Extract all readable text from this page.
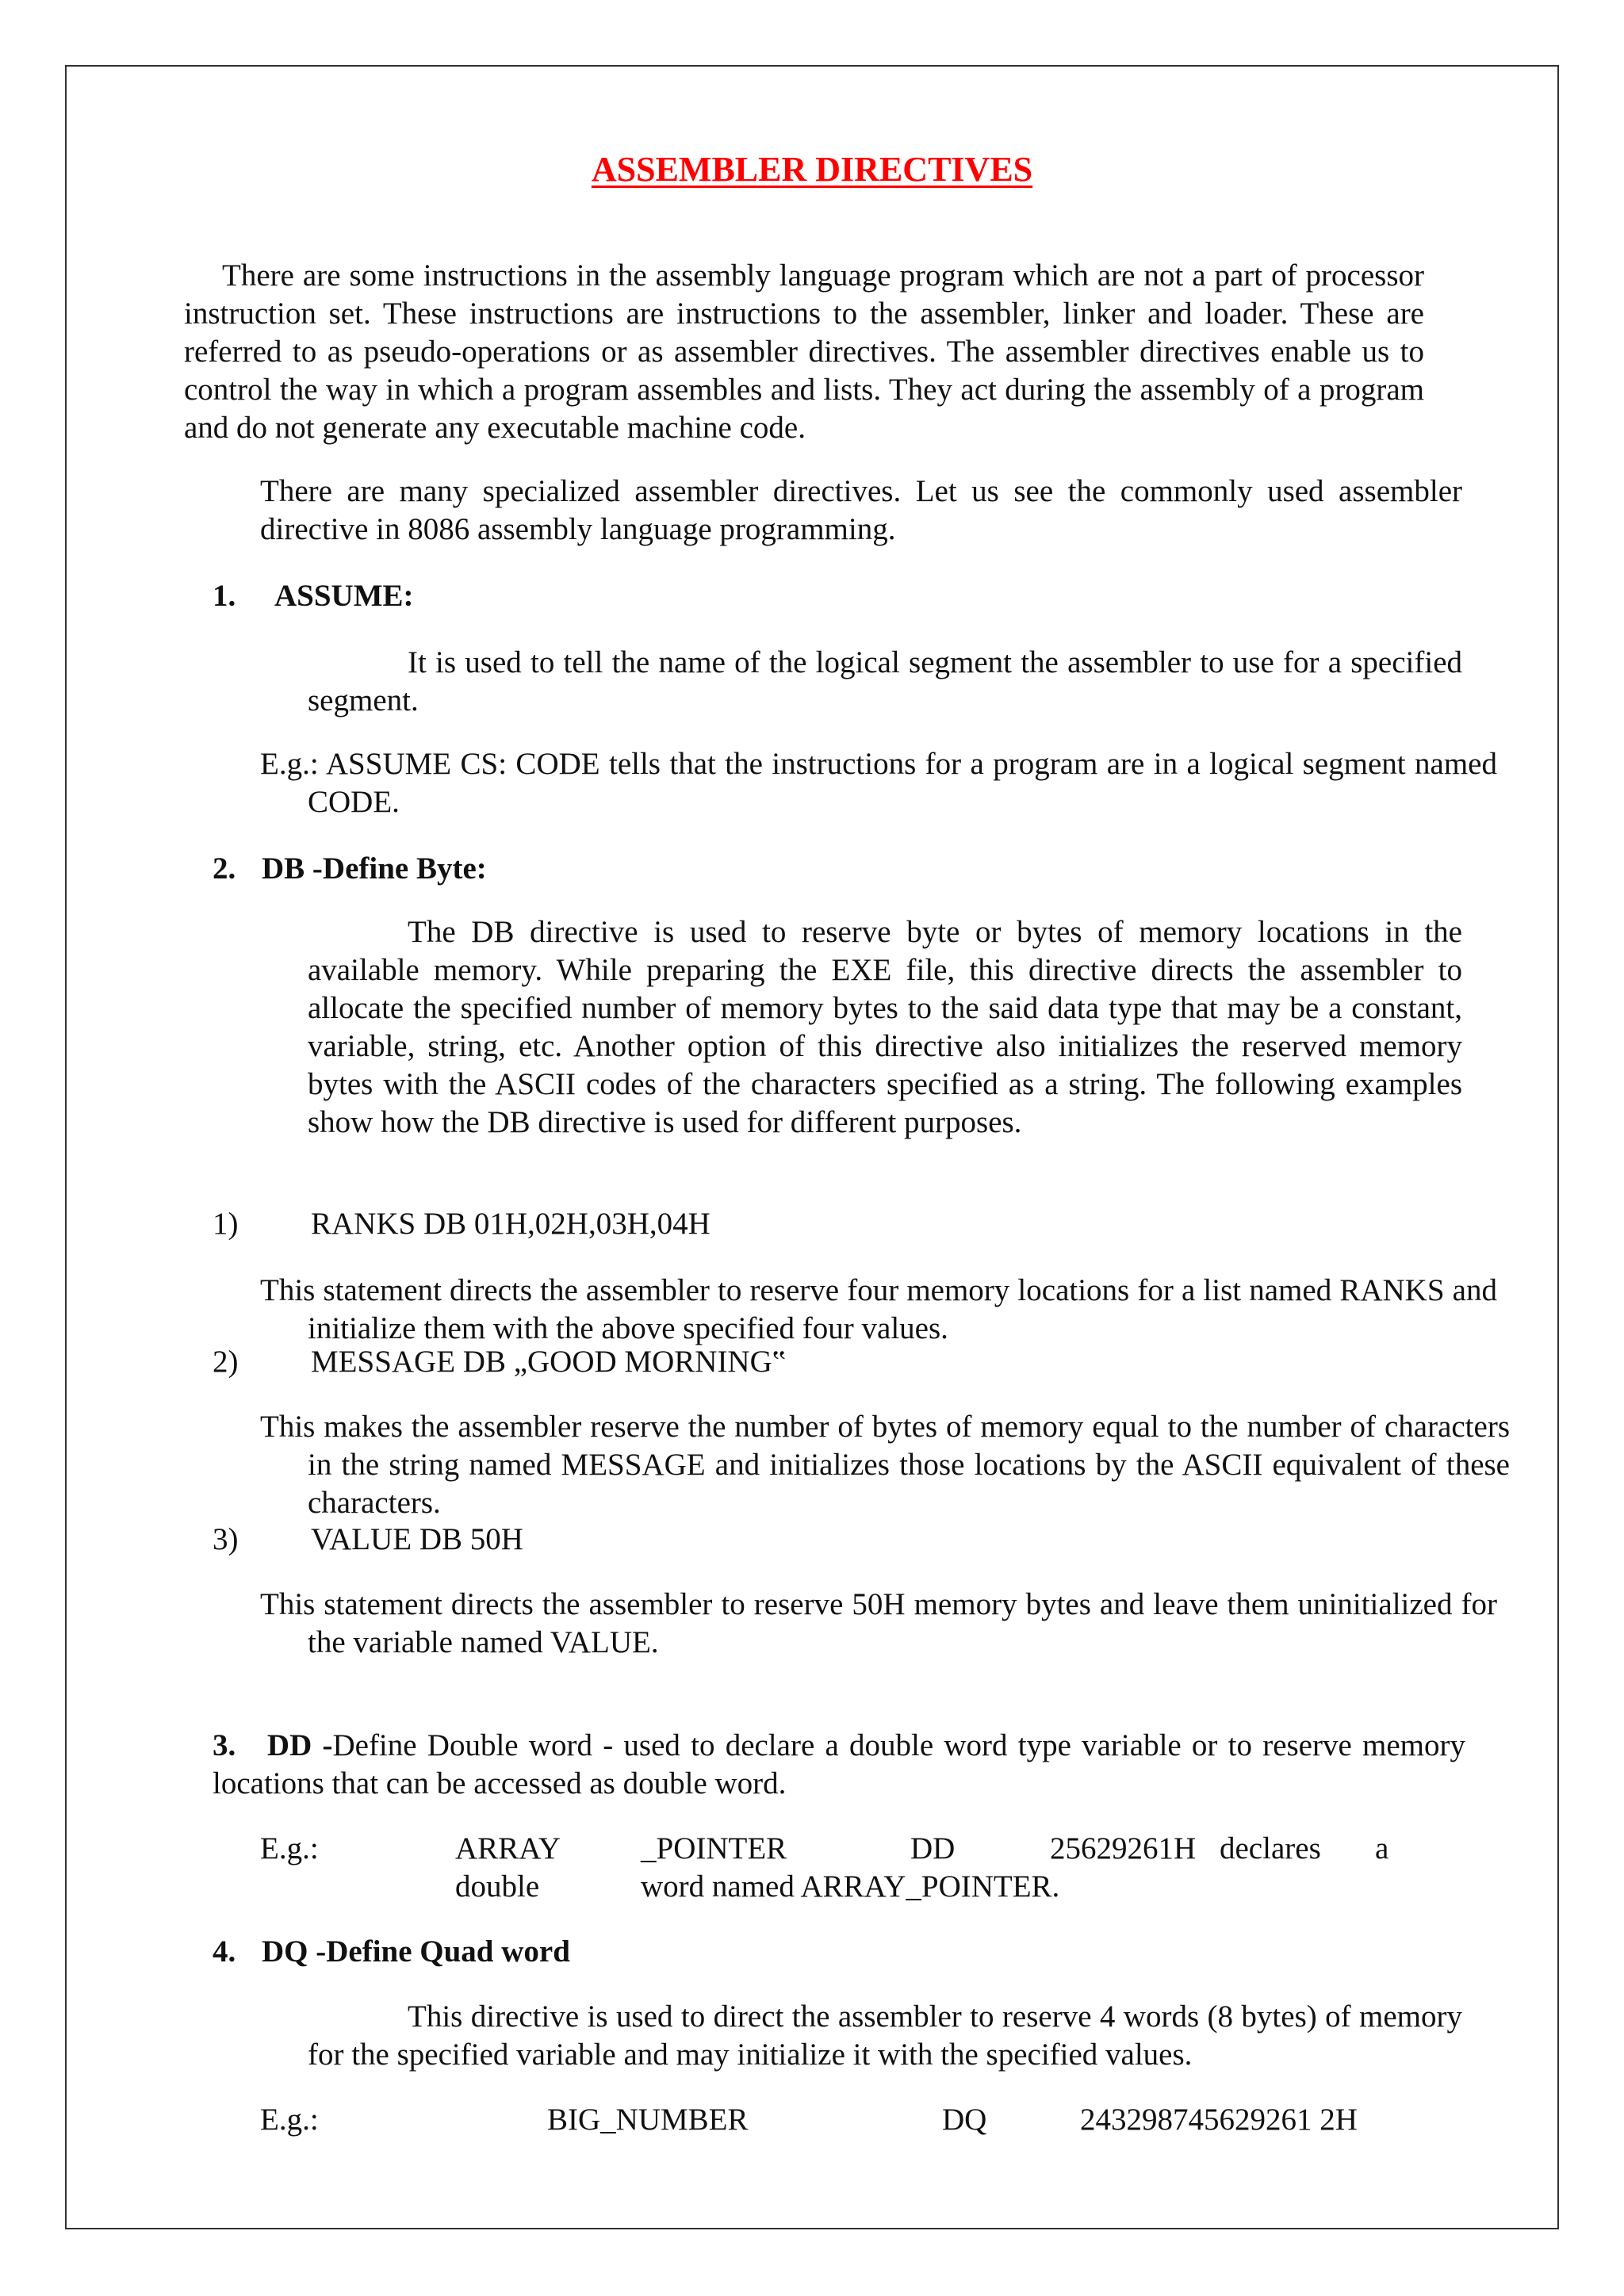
ASSEMBLER DIRECTIVES

There are some instructions in the assembly language program which are not a part of processor instruction set. These instructions are instructions to the assembler, linker and loader. These are referred to as pseudo-operations or as assembler directives. The assembler directives enable us to control the way in which a program assembles and lists. They act during the assembly of a program and do not generate any executable machine code.

There are many specialized assembler directives. Let us see the commonly used assembler directive in 8086 assembly language programming.

1. ASSUME:

It is used to tell the name of the logical segment the assembler to use for a specified segment.

E.g.: ASSUME CS: CODE tells that the instructions for a program are in a logical segment named CODE.

2. DB -Define Byte:

The DB directive is used to reserve byte or bytes of memory locations in the available memory. While preparing the EXE file, this directive directs the assembler to allocate the specified number of memory bytes to the said data type that may be a constant, variable, string, etc. Another option of this directive also initializes the reserved memory bytes with the ASCII codes of the characters specified as a string. The following examples show how the DB directive is used for different purposes.

1) RANKS DB 01H,02H,03H,04H

This statement directs the assembler to reserve four memory locations for a list named RANKS and initialize them with the above specified four values.

2) MESSAGE DB „GOOD MORNING‟

This makes the assembler reserve the number of bytes of memory equal to the number of characters in the string named MESSAGE and initializes those locations by the ASCII equivalent of these characters.

3) VALUE DB 50H

This statement directs the assembler to reserve 50H memory bytes and leave them uninitialized for the variable named VALUE.

3. DD -Define Double word - used to declare a double word type variable or to reserve memory locations that can be accessed as double word.

E.g.:	ARRAY	_POINTER	DD	25629261H declares a
double	word named ARRAY_POINTER.
4. DQ -Define Quad word

This directive is used to direct the assembler to reserve 4 words (8 bytes) of memory for the specified variable and may initialize it with the specified values.

E.g.:	BIG_NUMBER	DQ	243298745629261 2H
